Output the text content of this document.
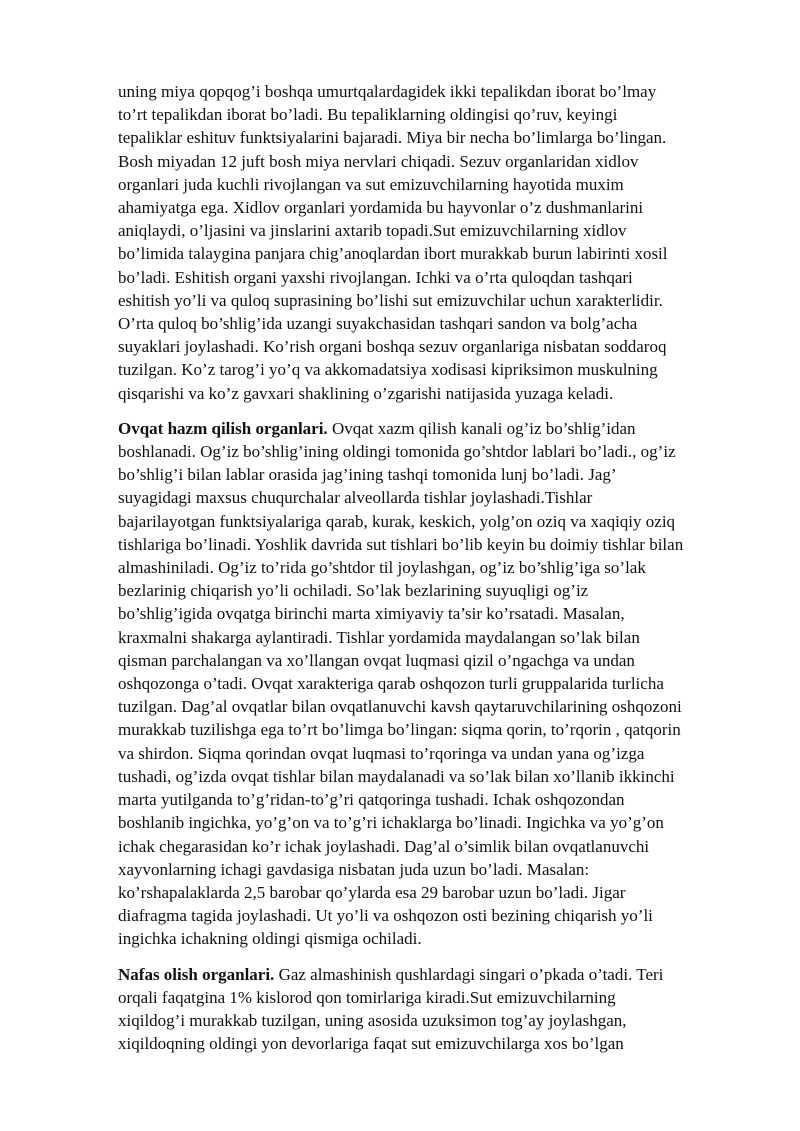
uning miya qopqog’i boshqa umurtqalardagidek ikki tepalikdan iborat bo’lmay
to’rt tepalikdan iborat bo’ladi. Bu tepaliklarning oldingisi qo’ruv, keyingi
tepaliklar eshituv funktsiyalarini bajaradi. Miya bir necha bo’limlarga bo’lingan.
Bosh miyadan 12 juft bosh miya nervlari chiqadi. Sezuv organlaridan xidlov
organlari juda kuchli rivojlangan va sut emizuvchilarning hayotida muxim
ahamiyatga ega. Xidlov organlari yordamida bu hayvonlar o’z dushmanlarini
aniqlaydi, o’ljasini va jinslarini axtarib topadi.Sut emizuvchilarning xidlov
bo’limida talaygina panjara chig’anoqlardan ibort murakkab burun labirinti xosil
bo’ladi. Eshitish organi yaxshi rivojlangan. Ichki va o’rta quloqdan tashqari
eshitish yo’li va quloq suprasining bo’lishi sut emizuvchilar uchun xarakterlidir.
O’rta quloq bo’shlig’ida uzangi suyakchasidan tashqari sandon va bolg’acha
suyaklari joylashadi. Ko’rish organi boshqa sezuv organlariga nisbatan soddaroq
tuzilgan. Ko’z tarog’i yo’q va akkomadatsiya xodisasi kipriksimon muskulning
qisqarishi va ko’z gavxari shaklining o’zgarishi natijasida yuzaga keladi.

Ovqat hazm qilish organlari. Ovqat xazm qilish kanali og’iz bo’shlig’idan
boshlanadi. Og’iz bo’shlig’ining oldingi tomonida go’shtdor lablari bo’ladi., og’iz
bo’shlig’i bilan lablar orasida jag’ining tashqi tomonida lunj bo’ladi. Jag’
suyagidagi maxsus chuqurchalar alveollarda tishlar joylashadi.Tishlar
bajarilayotgan funktsiyalariga qarab, kurak, keskich, yolg’on oziq va xaqiqiy oziq
tishlariga bo’linadi. Yoshlik davrida sut tishlari bo’lib keyin bu doimiy tishlar bilan
almashiniladi. Og’iz to’rida go’shtdor til joylashgan, og’iz bo’shlig’iga so’lak
bezlarinig chiqarish yo’li ochiladi. So’lak bezlarining suyuqligi og’iz
bo’shlig’igida ovqatga birinchi marta ximiyaviy ta’sir ko’rsatadi. Masalan,
kraxmalni shakarga aylantiradi. Tishlar yordamida maydalangan so’lak bilan
qisman parchalangan va xo’llangan ovqat luqmasi qizil o’ngachga va undan
oshqozonga o’tadi. Ovqat xarakteriga qarab oshqozon turli gruppalarida turlicha
tuzilgan. Dag’al ovqatlar bilan ovqatlanuvchi kavsh qaytaruvchilarining oshqozoni
murakkab tuzilishga ega to’rt bo’limga bo’lingan: siqma qorin, to’rqorin , qatqorin
va shirdon. Siqma qorindan ovqat luqmasi to’rqoringa va undan yana og’izga
tushadi, og’izda ovqat tishlar bilan maydalanadi va so’lak bilan xo’llanib ikkinchi
marta yutilganda to’g’ridan-to’g’ri qatqoringa tushadi. Ichak oshqozondan
boshlanib ingichka, yo’g’on va to’g’ri ichaklarga bo’linadi. Ingichka va yo’g’on
ichak chegarasidan ko’r ichak joylashadi. Dag’al o’simlik bilan ovqatlanuvchi
xayvonlarning ichagi gavdasiga nisbatan juda uzun bo’ladi. Masalan:
ko’rshapalaklarda 2,5 barobar qo’ylarda esa 29 barobar uzun bo’ladi. Jigar
diafragma tagida joylashadi. Ut yo’li va oshqozon osti bezining chiqarish yo’li
ingichka ichakning oldingi qismiga ochiladi.

Nafas olish organlari. Gaz almashinish qushlardagi singari o’pkada o’tadi. Teri
orqali faqatgina 1% kislorod qon tomirlariga kiradi.Sut emizuvchilarning
xiqildog’i murakkab tuzilgan, uning asosida uzuksimon tog’ay joylashgan,
xiqildoqning oldingi yon devorlariga faqat sut emizuvchilarga xos bo’lgan
